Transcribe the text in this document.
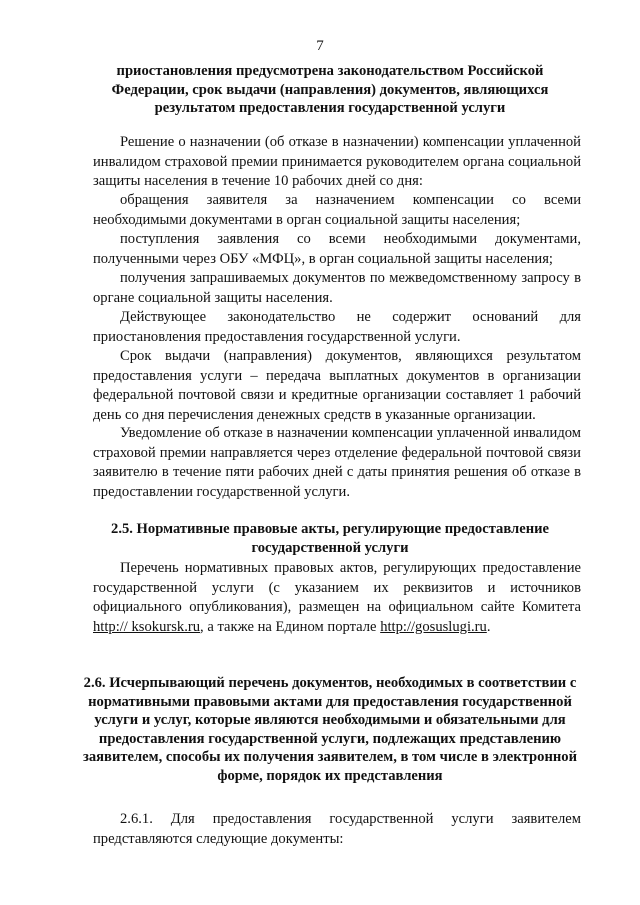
7

приостановления предусмотрена законодательством Российской Федерации, срок выдачи (направления) документов, являющихся результатом предоставления государственной услуги

Решение о назначении (об отказе в назначении) компенсации уплаченной инвалидом страховой премии принимается руководителем органа социальной защиты населения в течение 10 рабочих дней со дня:

обращения заявителя за назначением компенсации со всеми необходимыми документами в орган социальной защиты населения;

поступления заявления со всеми необходимыми документами, полученными через ОБУ «МФЦ», в орган социальной защиты населения;

получения запрашиваемых документов по межведомственному запросу в органе социальной защиты населения.

Действующее законодательство не содержит оснований для приостановления предоставления государственной услуги.

Срок выдачи (направления) документов, являющихся результатом предоставления услуги – передача выплатных документов в организации федеральной почтовой связи и кредитные организации составляет 1 рабочий день со дня перечисления денежных средств в указанные организации.

Уведомление об отказе в назначении компенсации уплаченной инвалидом страховой премии направляется через отделение федеральной почтовой связи заявителю в течение пяти рабочих дней с даты принятия решения об отказе в предоставлении государственной услуги.

2.5. Нормативные правовые акты, регулирующие предоставление государственной услуги

Перечень нормативных правовых актов, регулирующих предоставление государственной услуги (с указанием их реквизитов и источников официального опубликования), размещен на официальном сайте Комитета http:// ksokursk.ru, а также на Едином портале http://gosuslugi.ru.

2.6. Исчерпывающий перечень документов, необходимых в соответствии с нормативными правовыми актами для предоставления государственной услуги и услуг, которые являются необходимыми и обязательными для предоставления государственной услуги, подлежащих представлению заявителем, способы их получения заявителем, в том числе в электронной форме, порядок их представления

2.6.1. Для предоставления государственной услуги заявителем представляются следующие документы:
